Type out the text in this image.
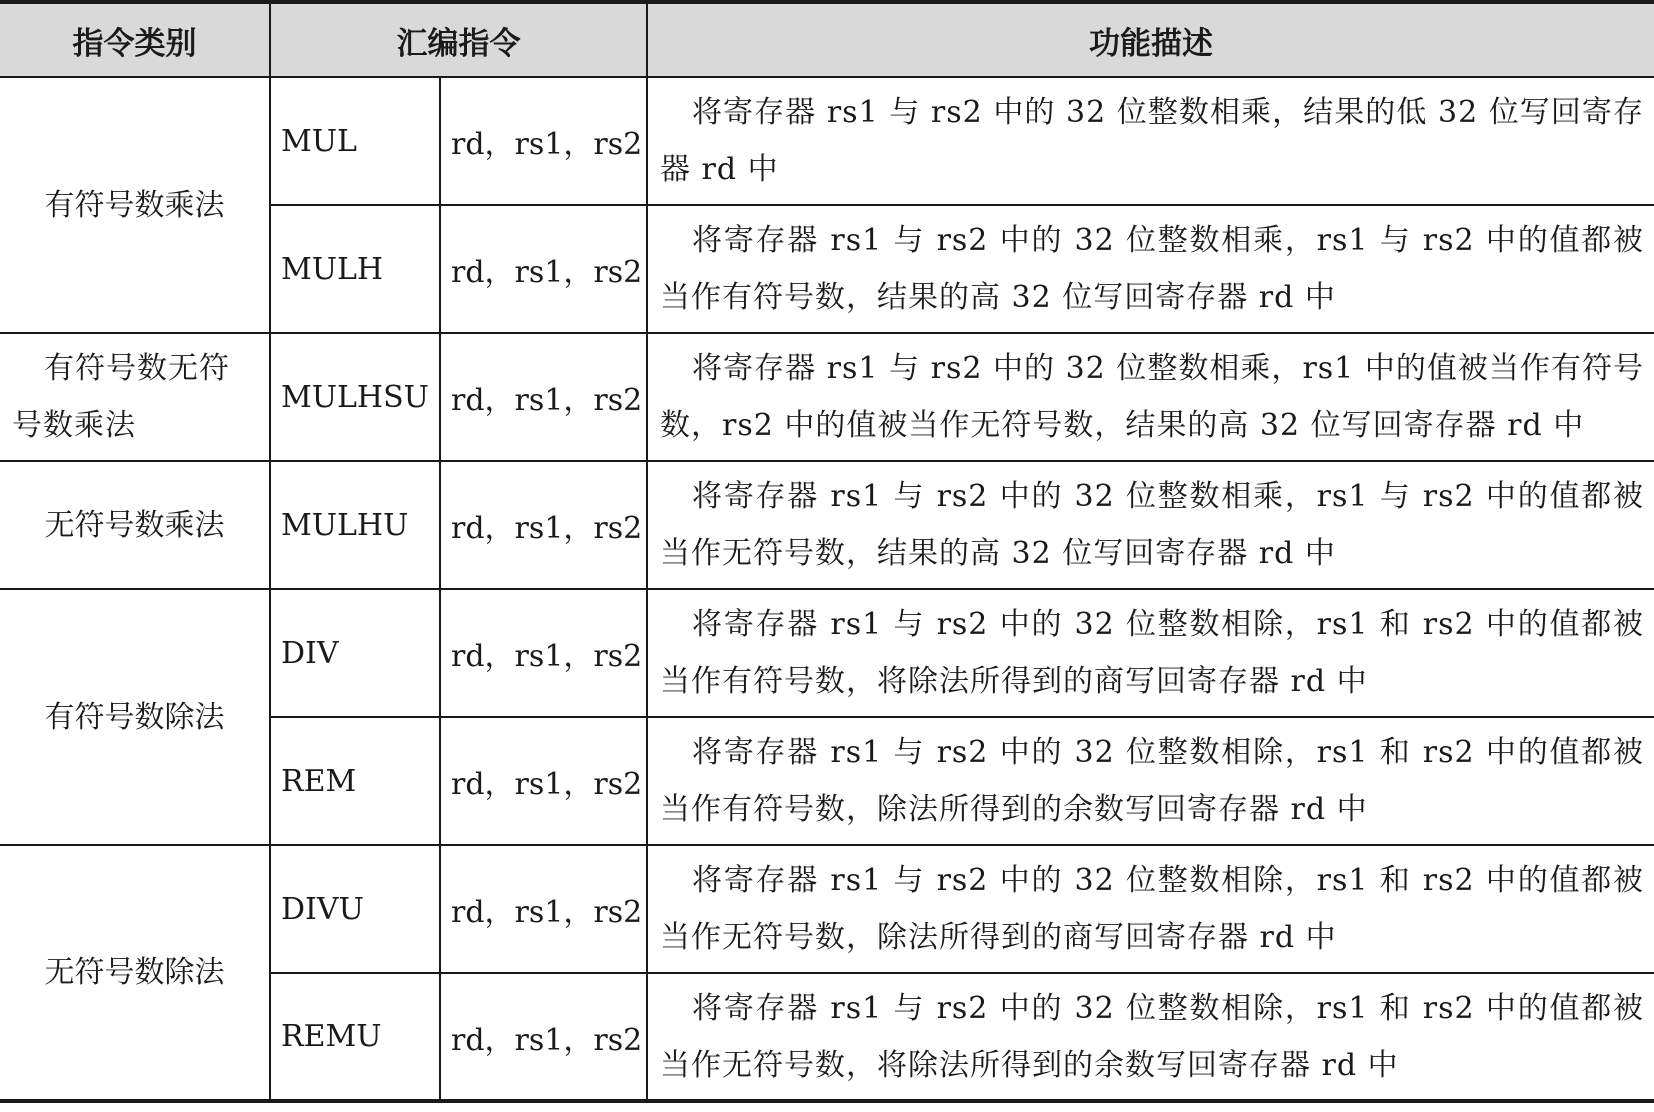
指令类别	汇编指令		功能描述
有符号数乘法	MUL	rd，rs1，rs2	将寄存器 rs1 与 rs2 中的 32 位整数相乘，结果的低 32 位写回寄存器 rd 中
	MULH	rd，rs1，rs2	将寄存器 rs1 与 rs2 中的 32 位整数相乘，rs1 与 rs2 中的值都被当作有符号数，结果的高 32 位写回寄存器 rd 中
有符号数无符号数乘法	MULHSU	rd，rs1，rs2	将寄存器 rs1 与 rs2 中的 32 位整数相乘，rs1 中的值被当作有符号数，rs2 中的值被当作无符号数，结果的高 32 位写回寄存器 rd 中
无符号数乘法	MULHU	rd，rs1，rs2	将寄存器 rs1 与 rs2 中的 32 位整数相乘，rs1 与 rs2 中的值都被当作无符号数，结果的高 32 位写回寄存器 rd 中
有符号数除法	DIV	rd，rs1，rs2	将寄存器 rs1 与 rs2 中的 32 位整数相除，rs1 和 rs2 中的值都被当作有符号数，将除法所得到的商写回寄存器 rd 中
	REM	rd，rs1，rs2	将寄存器 rs1 与 rs2 中的 32 位整数相除，rs1 和 rs2 中的值都被当作有符号数，除法所得到的余数写回寄存器 rd 中
无符号数除法	DIVU	rd，rs1，rs2	将寄存器 rs1 与 rs2 中的 32 位整数相除，rs1 和 rs2 中的值都被当作无符号数，除法所得到的商写回寄存器 rd 中
	REMU	rd，rs1，rs2	将寄存器 rs1 与 rs2 中的 32 位整数相除，rs1 和 rs2 中的值都被当作无符号数，将除法所得到的余数写回寄存器 rd 中
